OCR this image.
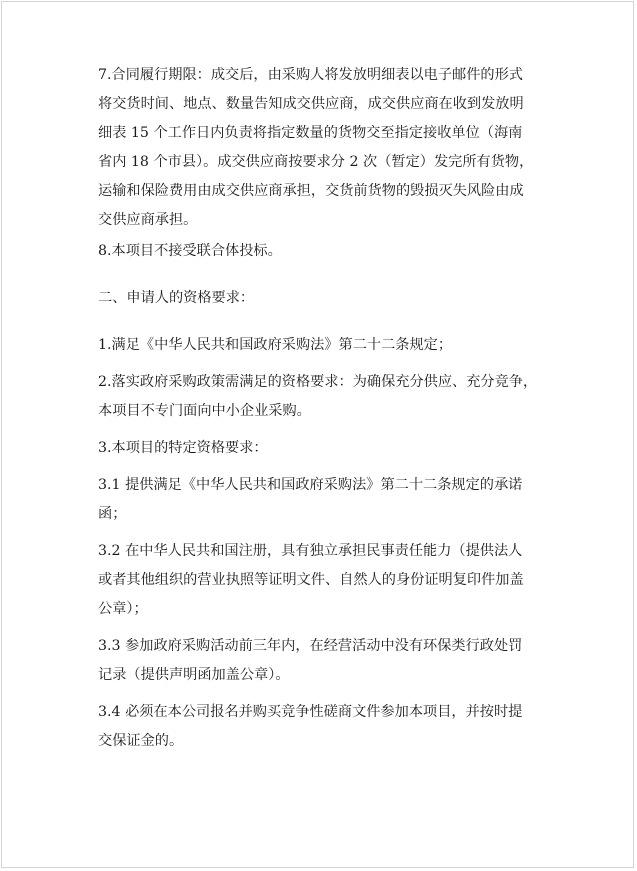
7.合同履行期限：成交后，由采购人将发放明细表以电子邮件的形式
将交货时间、地点、数量告知成交供应商，成交供应商在收到发放明
细表 15 个工作日内负责将指定数量的货物交至指定接收单位（海南
省内 18 个市县）。成交供应商按要求分 2 次（暂定）发完所有货物，
运输和保险费用由成交供应商承担，交货前货物的毁损灭失风险由成
交供应商承担。
8.本项目不接受联合体投标。
二、申请人的资格要求：
1.满足《中华人民共和国政府采购法》第二十二条规定；
2.落实政府采购政策需满足的资格要求：为确保充分供应、充分竞争，
本项目不专门面向中小企业采购。
3.本项目的特定资格要求：
3.1 提供满足《中华人民共和国政府采购法》第二十二条规定的承诺
函；
3.2 在中华人民共和国注册，具有独立承担民事责任能力（提供法人
或者其他组织的营业执照等证明文件、自然人的身份证明复印件加盖
公章）；
3.3 参加政府采购活动前三年内，在经营活动中没有环保类行政处罚
记录（提供声明函加盖公章）。
3.4 必须在本公司报名并购买竞争性磋商文件参加本项目，并按时提
交保证金的。
